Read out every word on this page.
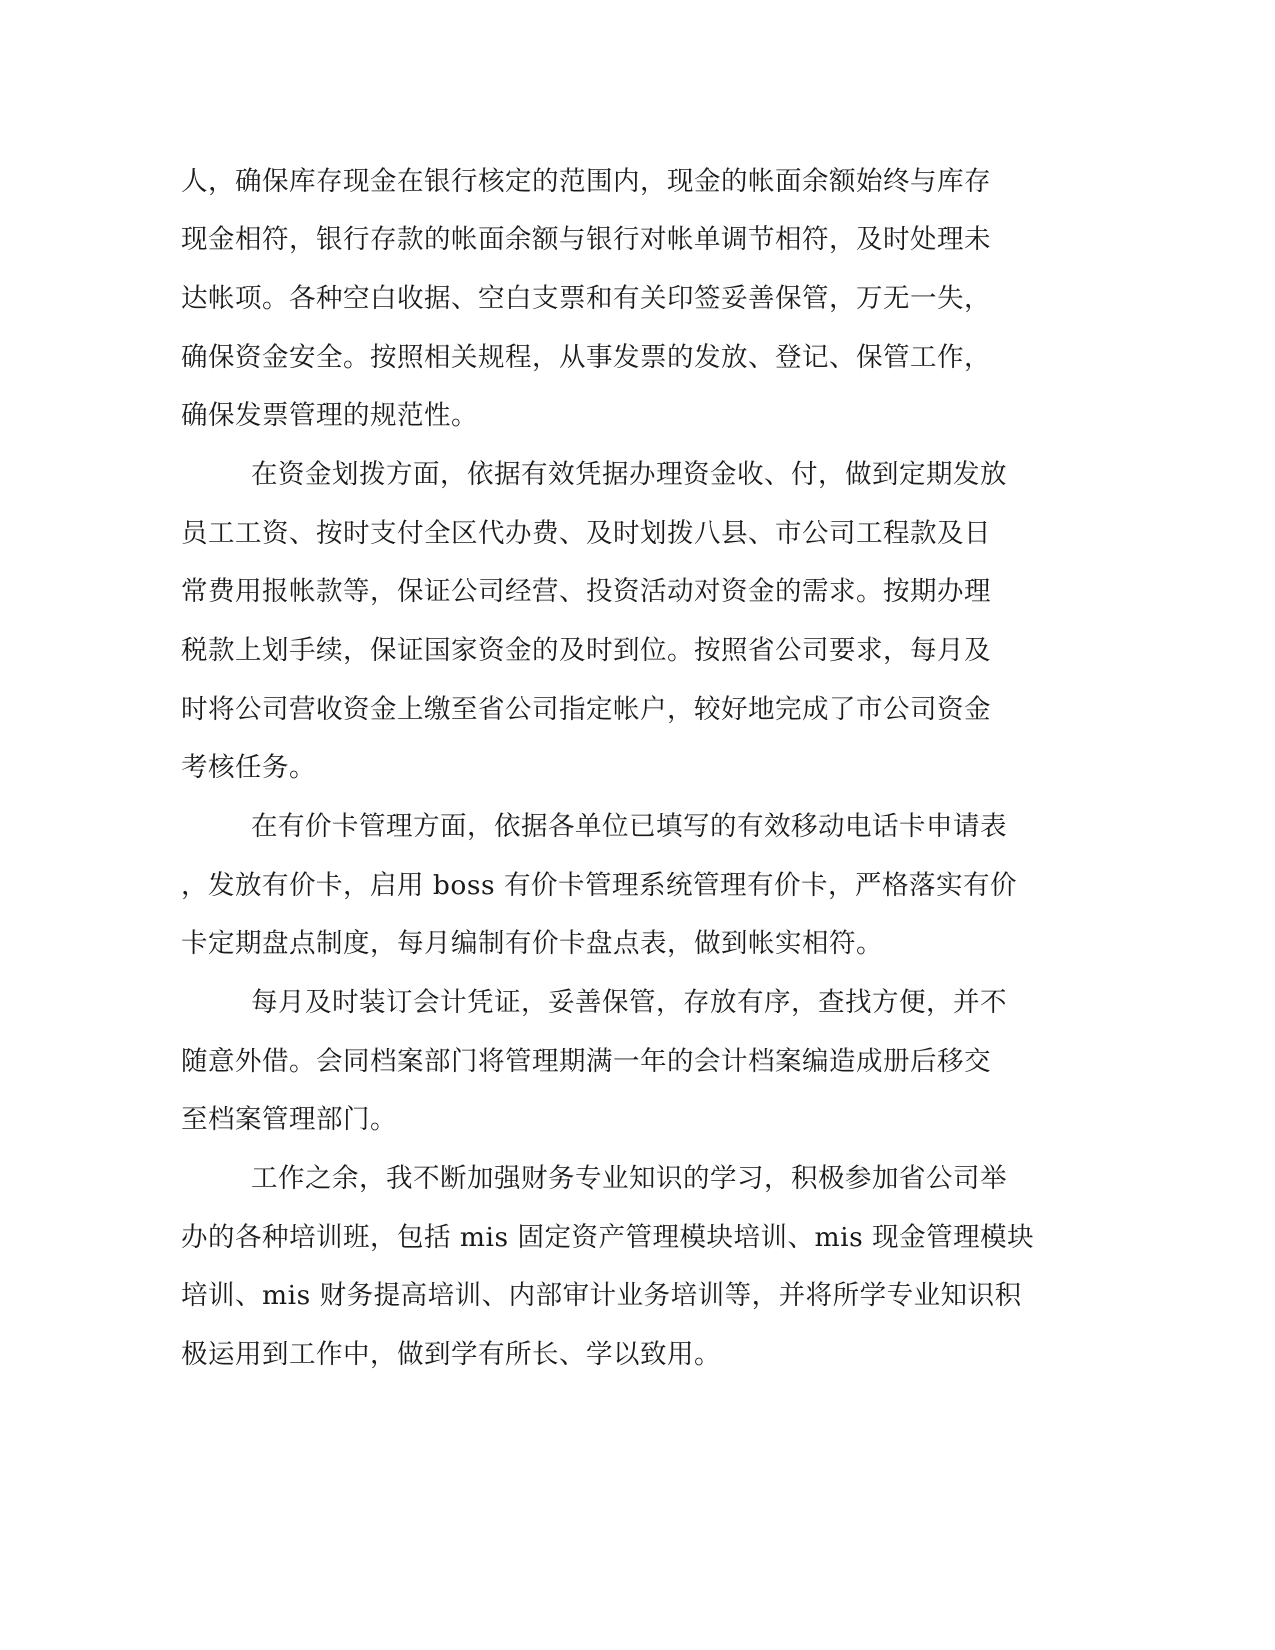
人，确保库存现金在银行核定的范围内，现金的帐面余额始终与库存

现金相符，银行存款的帐面余额与银行对帐单调节相符，及时处理未

达帐项。各种空白收据、空白支票和有关印签妥善保管，万无一失，

确保资金安全。按照相关规程，从事发票的发放、登记、保管工作，

确保发票管理的规范性。

在资金划拨方面，依据有效凭据办理资金收、付，做到定期发放

员工工资、按时支付全区代办费、及时划拨八县、市公司工程款及日

常费用报帐款等，保证公司经营、投资活动对资金的需求。按期办理

税款上划手续，保证国家资金的及时到位。按照省公司要求，每月及

时将公司营收资金上缴至省公司指定帐户，较好地完成了市公司资金

考核任务。

在有价卡管理方面，依据各单位已填写的有效移动电话卡申请表

，发放有价卡，启用 boss 有价卡管理系统管理有价卡，严格落实有价

卡定期盘点制度，每月编制有价卡盘点表，做到帐实相符。

每月及时装订会计凭证，妥善保管，存放有序，查找方便，并不

随意外借。会同档案部门将管理期满一年的会计档案编造成册后移交

至档案管理部门。

工作之余，我不断加强财务专业知识的学习，积极参加省公司举

办的各种培训班，包括 mis 固定资产管理模块培训、mis 现金管理模块

培训、mis 财务提高培训、内部审计业务培训等，并将所学专业知识积

极运用到工作中，做到学有所长、学以致用。
